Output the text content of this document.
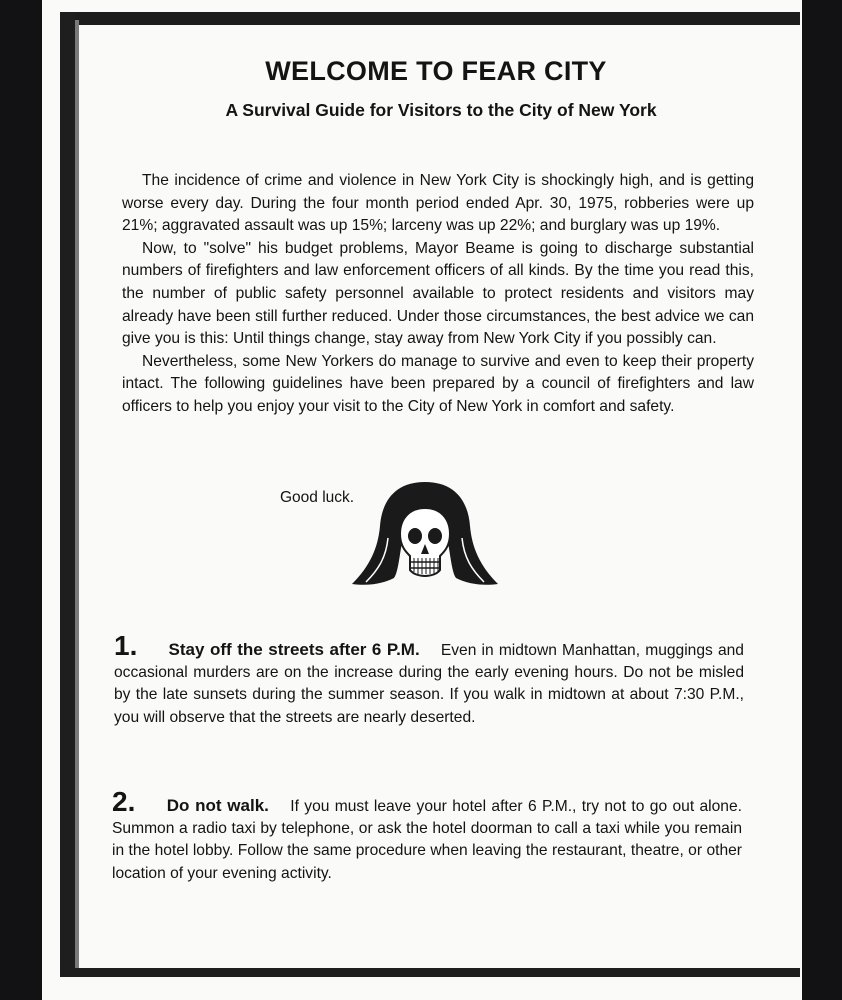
WELCOME TO FEAR CITY
A Survival Guide for Visitors to the City of New York

The incidence of crime and violence in New York City is shockingly high, and is getting worse every day. During the four month period ended Apr. 30, 1975, robberies were up 21%; aggravated assault was up 15%; larceny was up 22%; and burglary was up 19%.

Now, to "solve" his budget problems, Mayor Beame is going to discharge substantial numbers of firefighters and law enforcement officers of all kinds. By the time you read this, the number of public safety personnel available to protect residents and visitors may already have been still further reduced. Under those circumstances, the best advice we can give you is this: Until things change, stay away from New York City if you possibly can.

Nevertheless, some New Yorkers do manage to survive and even to keep their property intact. The following guidelines have been prepared by a council of firefighters and law officers to help you enjoy your visit to the City of New York in comfort and safety.

Good luck.
1. Stay off the streets after 6 P.M. Even in midtown Manhattan, muggings and occasional murders are on the increase during the early evening hours. Do not be misled by the late sunsets during the summer season. If you walk in midtown at about 7:30 P.M., you will observe that the streets are nearly deserted.
2. Do not walk. If you must leave your hotel after 6 P.M., try not to go out alone. Summon a radio taxi by telephone, or ask the hotel doorman to call a taxi while you remain in the hotel lobby. Follow the same procedure when leaving the restaurant, theatre, or other location of your evening activity.
